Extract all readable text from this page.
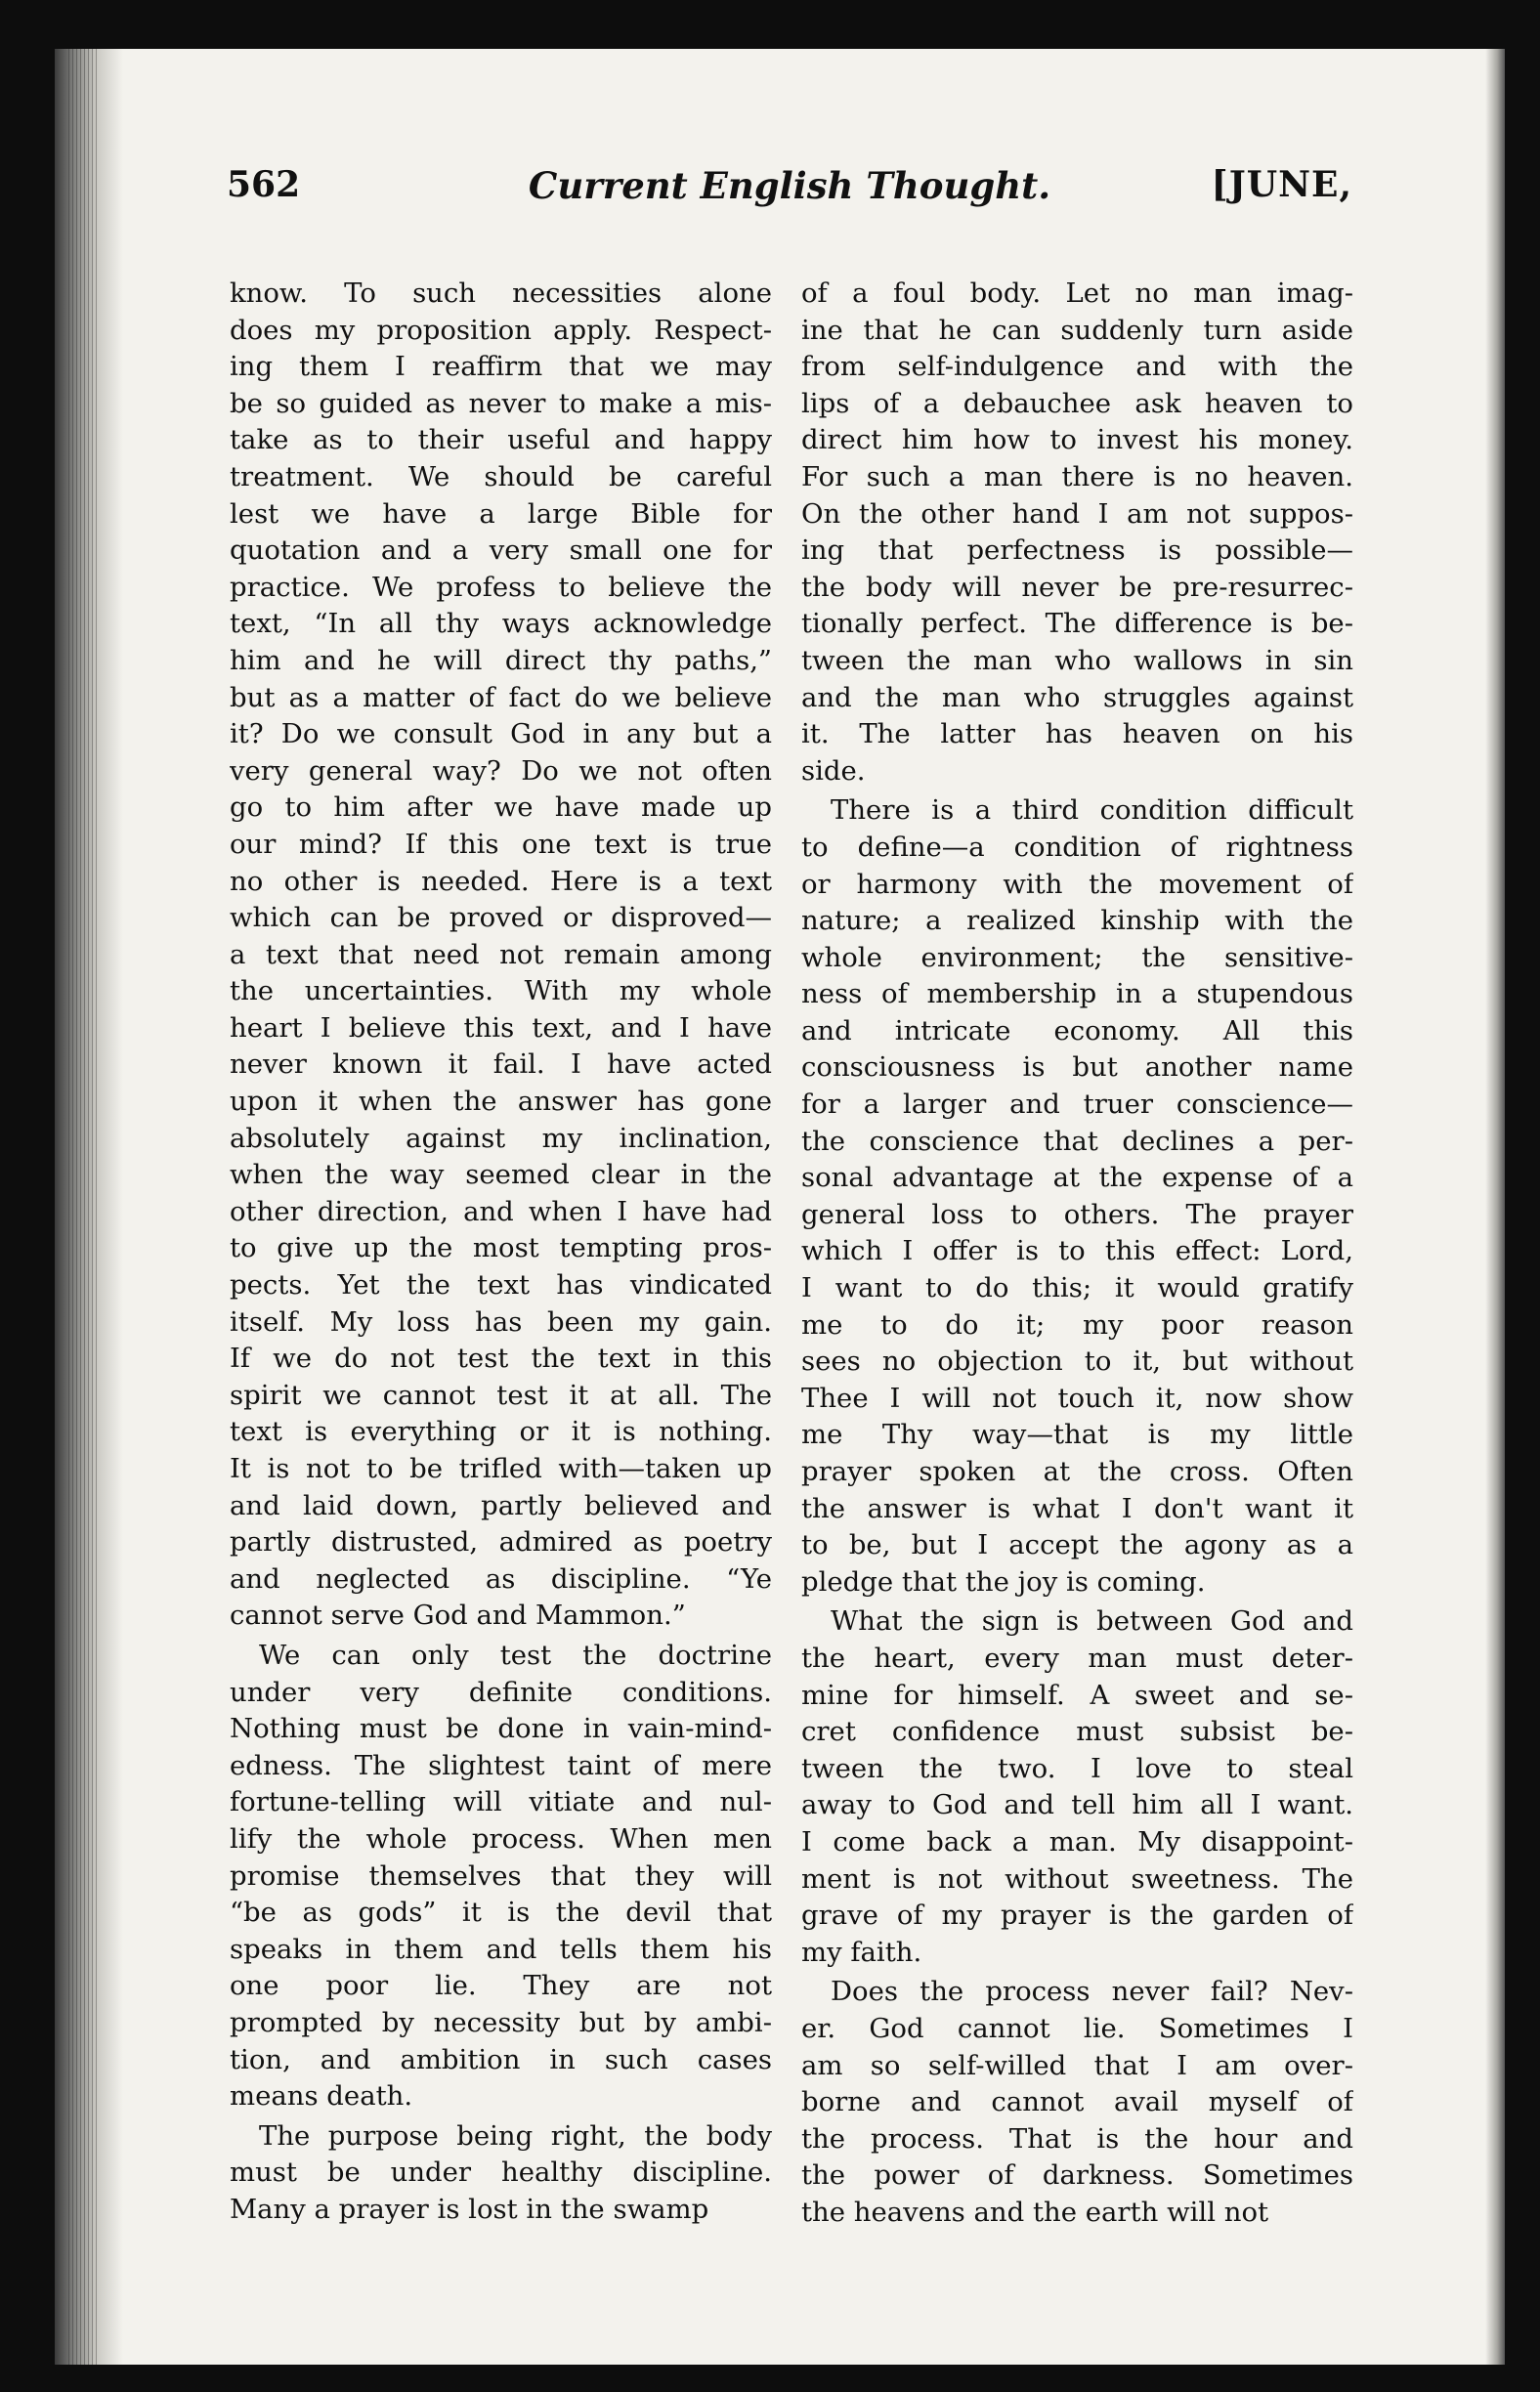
562	Current English Thought.	[JUNE,
know. To such necessities alone
does my proposition apply. Respect-
ing them I reaffirm that we may
be so guided as never to make a mis-
take as to their useful and happy
treatment. We should be careful
lest we have a large Bible for
quotation and a very small one for
practice. We profess to believe the
text, “In all thy ways acknowledge
him and he will direct thy paths,”
but as a matter of fact do we believe
it? Do we consult God in any but a
very general way? Do we not often
go to him after we have made up
our mind? If this one text is true
no other is needed. Here is a text
which can be proved or disproved—
a text that need not remain among
the uncertainties. With my whole
heart I believe this text, and I have
never known it fail. I have acted
upon it when the answer has gone
absolutely against my inclination,
when the way seemed clear in the
other direction, and when I have had
to give up the most tempting pros-
pects. Yet the text has vindicated
itself. My loss has been my gain.
If we do not test the text in this
spirit we cannot test it at all. The
text is everything or it is nothing.
It is not to be trifled with—taken up
and laid down, partly believed and
partly distrusted, admired as poetry
and neglected as discipline. “Ye
cannot serve God and Mammon.”
We can only test the doctrine
under very definite conditions.
Nothing must be done in vain-mind-
edness. The slightest taint of mere
fortune-telling will vitiate and nul-
lify the whole process. When men
promise themselves that they will
“be as gods” it is the devil that
speaks in them and tells them his
one poor lie. They are not
prompted by necessity but by ambi-
tion, and ambition in such cases
means death.
The purpose being right, the body
must be under healthy discipline.
Many a prayer is lost in the swamp
of a foul body. Let no man imag-
ine that he can suddenly turn aside
from self-indulgence and with the
lips of a debauchee ask heaven to
direct him how to invest his money.
For such a man there is no heaven.
On the other hand I am not suppos-
ing that perfectness is possible—
the body will never be pre-resurrec-
tionally perfect. The difference is be-
tween the man who wallows in sin
and the man who struggles against
it. The latter has heaven on his
side.
There is a third condition difficult
to define—a condition of rightness
or harmony with the movement of
nature; a realized kinship with the
whole environment; the sensitive-
ness of membership in a stupendous
and intricate economy. All this
consciousness is but another name
for a larger and truer conscience—
the conscience that declines a per-
sonal advantage at the expense of a
general loss to others. The prayer
which I offer is to this effect: Lord,
I want to do this; it would gratify
me to do it; my poor reason
sees no objection to it, but without
Thee I will not touch it, now show
me Thy way—that is my little
prayer spoken at the cross. Often
the answer is what I don't want it
to be, but I accept the agony as a
pledge that the joy is coming.
What the sign is between God and
the heart, every man must deter-
mine for himself. A sweet and se-
cret confidence must subsist be-
tween the two. I love to steal
away to God and tell him all I want.
I come back a man. My disappoint-
ment is not without sweetness. The
grave of my prayer is the garden of
my faith.
Does the process never fail? Nev-
er. God cannot lie. Sometimes I
am so self-willed that I am over-
borne and cannot avail myself of
the process. That is the hour and
the power of darkness. Sometimes
the heavens and the earth will not
